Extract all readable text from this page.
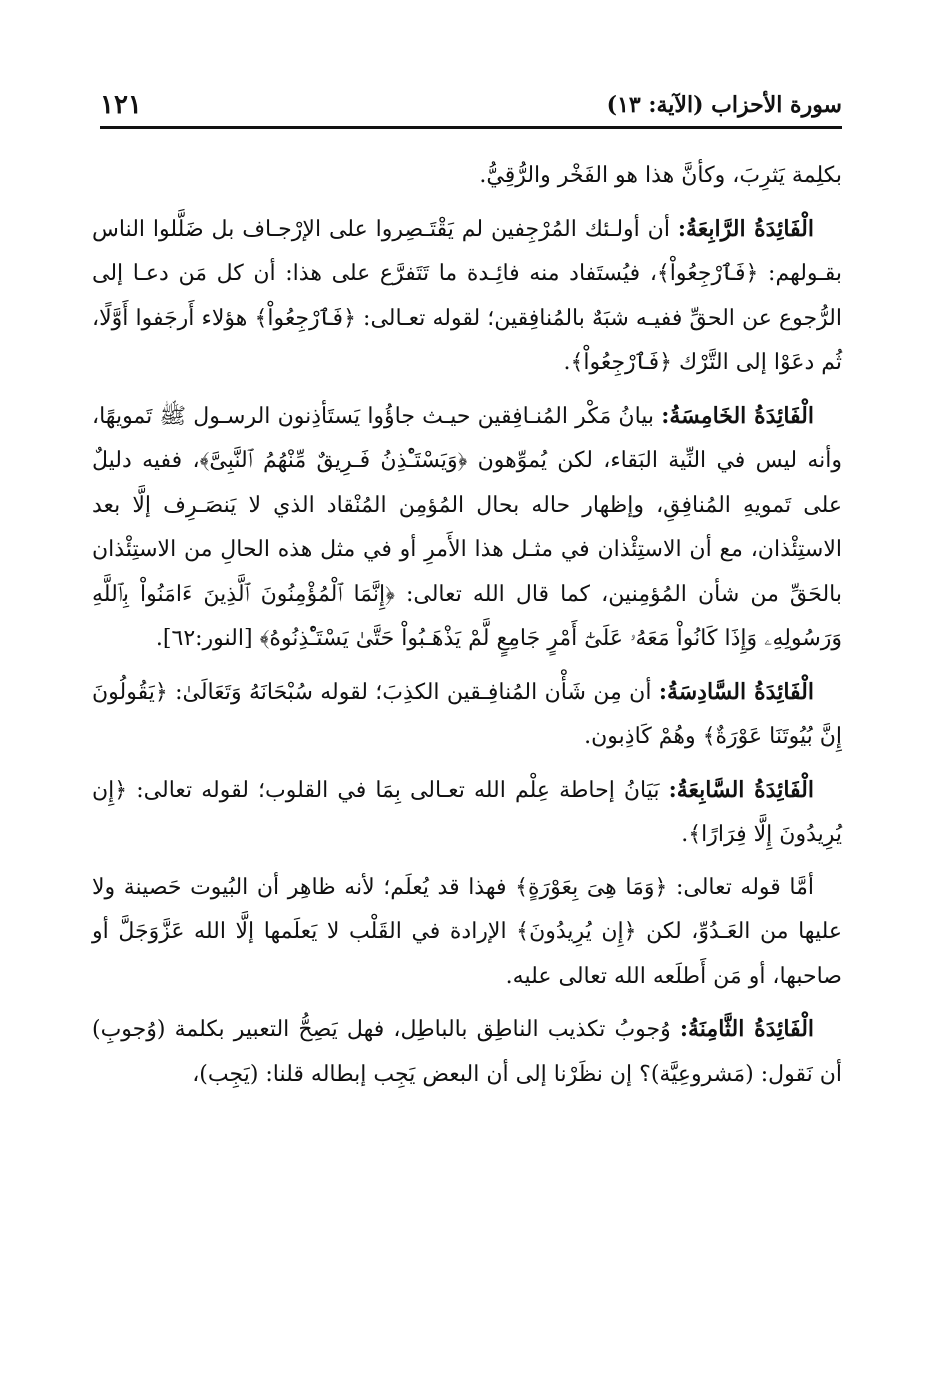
سورة الأحزاب (الآية: ١٣)
١٢١

بكلِمة يَثرِبَ، وكأنَّ هذا هو الفَخْر والرُّقِيُّ.

الْفَائِدَةُ الرَّابِعَةُ: أن أولـئك المُرْجِفين لم يَقْتَـصِروا على الإرْجـاف بل ضَلَّلوا الناس بقـولهم: ﴿فَٱرْجِعُواْ﴾، فيُستَفاد منه فائِـدة ما تَتَفرَّع على هذا: أن كل مَن دعـا إلى الرُّجوع عن الحقِّ ففيـه شبَهٌ بالمُنافِقين؛ لقوله تعـالى: ﴿فَٱرْجِعُواْ﴾ هؤلاء أَرجَفوا أَوَّلًا، ثُم دعَوْا إلى التَّرْك ﴿فَٱرْجِعُواْ﴾.

الْفَائِدَةُ الخَامِسَةُ: بيانُ مَكْر المُنـافِقين حيـث جاؤُوا يَستَأذِنون الرسـول ﷺ تَمويهًا، وأنه ليس في النِّية البَقاء، لكن يُموِّهون ﴿وَيَسْتَـْٔذِنُ فَـرِيقٌ مِّنْهُمُ ٱلنَّبِىَّ﴾، ففيه دليلٌ على تَمويهِ المُنافِقِ، وإظهار حاله بحال المُؤمِن المُنْقاد الذي لا يَنصَـرِف إلَّا بعد الاستِئْذان، مع أن الاستِئْذان في مثـل هذا الأَمرِ أو في مثل هذه الحالِ من الاستِئْذان بالحَقِّ من شأن المُؤمِنين، كما قال الله تعالى: ﴿إِنَّمَا ٱلْمُؤْمِنُونَ ٱلَّذِينَ ءَامَنُواْ بِٱللَّهِ وَرَسُولِهِۦ وَإِذَا كَانُواْ مَعَهُۥ عَلَىٰٓ أَمْرٍ جَامِعٍ لَّمْ يَذْهَـبُواْ حَتَّىٰ يَسْتَـْٔذِنُوهُ﴾ [النور:٦٢].

الْفَائِدَةُ السَّادِسَةُ: أن مِن شَأْن المُنافِـقين الكذِبَ؛ لقوله سُبْحَانَهُ وَتَعَالَىٰ: ﴿يَقُولُونَ إِنَّ بُيُوتَنَا عَوْرَةٌ﴾ وهُمْ كَاذِبون.

الْفَائِدَةُ السَّابِعَةُ: بَيَانُ إحاطة عِلْم الله تعـالى بِمَا في القلوب؛ لقوله تعالى: ﴿إِن يُرِيدُونَ إِلَّا فِرَارًا﴾.

أمَّا قوله تعالى: ﴿وَمَا هِىَ بِعَوْرَةٍ﴾ فهذا قد يُعلَم؛ لأنه ظاهِر أن البُيوت حَصينة ولا عليها من العَـدُوِّ، لكن ﴿إِن يُرِيدُونَ﴾ الإرادة في القَلْب لا يَعلَمها إلَّا الله عَزَّوَجَلَّ أو صاحبها، أو مَن أَطلَعه الله تعالى عليه.

الْفَائِدَةُ الثَّامِنَةُ: وُجوبُ تكذيب الناطِق بالباطِل، فهل يَصِحُّ التعبير بكلمة (وُجوبِ) أن نَقول: (مَشروعِيَّة)؟ إن نظَرْنا إلى أن البعض يَجِب إبطاله قلنا: (يَجِب)،
